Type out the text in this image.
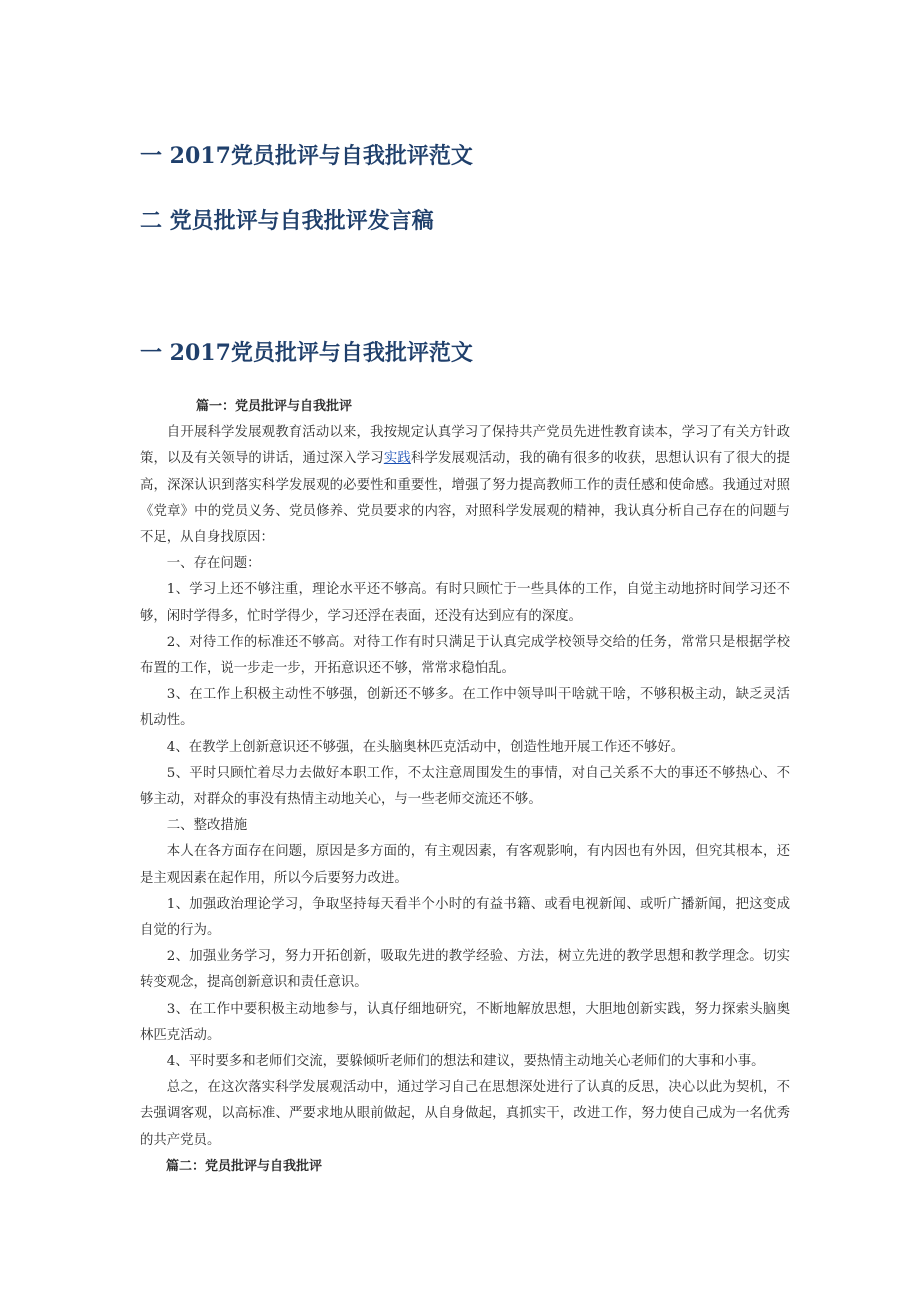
一 2017党员批评与自我批评范文
二 党员批评与自我批评发言稿
一 2017党员批评与自我批评范文

篇一：党员批评与自我批评

自开展科学发展观教育活动以来，我按规定认真学习了保持共产党员先进性教育读本，学习了有关方针政策，以及有关领导的讲话，通过深入学习实践科学发展观活动，我的确有很多的收获，思想认识有了很大的提高，深深认识到落实科学发展观的必要性和重要性，增强了努力提高教师工作的责任感和使命感。我通过对照《党章》中的党员义务、党员修养、党员要求的内容，对照科学发展观的精神，我认真分析自己存在的问题与不足，从自身找原因：

一、存在问题：

1、学习上还不够注重，理论水平还不够高。有时只顾忙于一些具体的工作，自觉主动地挤时间学习还不够，闲时学得多，忙时学得少，学习还浮在表面，还没有达到应有的深度。

2、对待工作的标准还不够高。对待工作有时只满足于认真完成学校领导交给的任务，常常只是根据学校布置的工作，说一步走一步，开拓意识还不够，常常求稳怕乱。

3、在工作上积极主动性不够强，创新还不够多。在工作中领导叫干啥就干啥，不够积极主动，缺乏灵活机动性。

4、在教学上创新意识还不够强，在头脑奥林匹克活动中，创造性地开展工作还不够好。

5、平时只顾忙着尽力去做好本职工作，不太注意周围发生的事情，对自己关系不大的事还不够热心、不够主动，对群众的事没有热情主动地关心，与一些老师交流还不够。

二、整改措施

本人在各方面存在问题，原因是多方面的，有主观因素，有客观影响，有内因也有外因，但究其根本，还是主观因素在起作用，所以今后要努力改进。

1、加强政治理论学习，争取坚持每天看半个小时的有益书籍、或看电视新闻、或听广播新闻，把这变成自觉的行为。

2、加强业务学习，努力开拓创新，吸取先进的教学经验、方法，树立先进的教学思想和教学理念。切实转变观念，提高创新意识和责任意识。

3、在工作中要积极主动地参与，认真仔细地研究，不断地解放思想，大胆地创新实践，努力探索头脑奥林匹克活动。

4、平时要多和老师们交流，要躲倾听老师们的想法和建议，要热情主动地关心老师们的大事和小事。

总之，在这次落实科学发展观活动中，通过学习自己在思想深处进行了认真的反思，决心以此为契机，不去强调客观，以高标准、严要求地从眼前做起，从自身做起，真抓实干，改进工作，努力使自己成为一名优秀的共产党员。

篇二：党员批评与自我批评
